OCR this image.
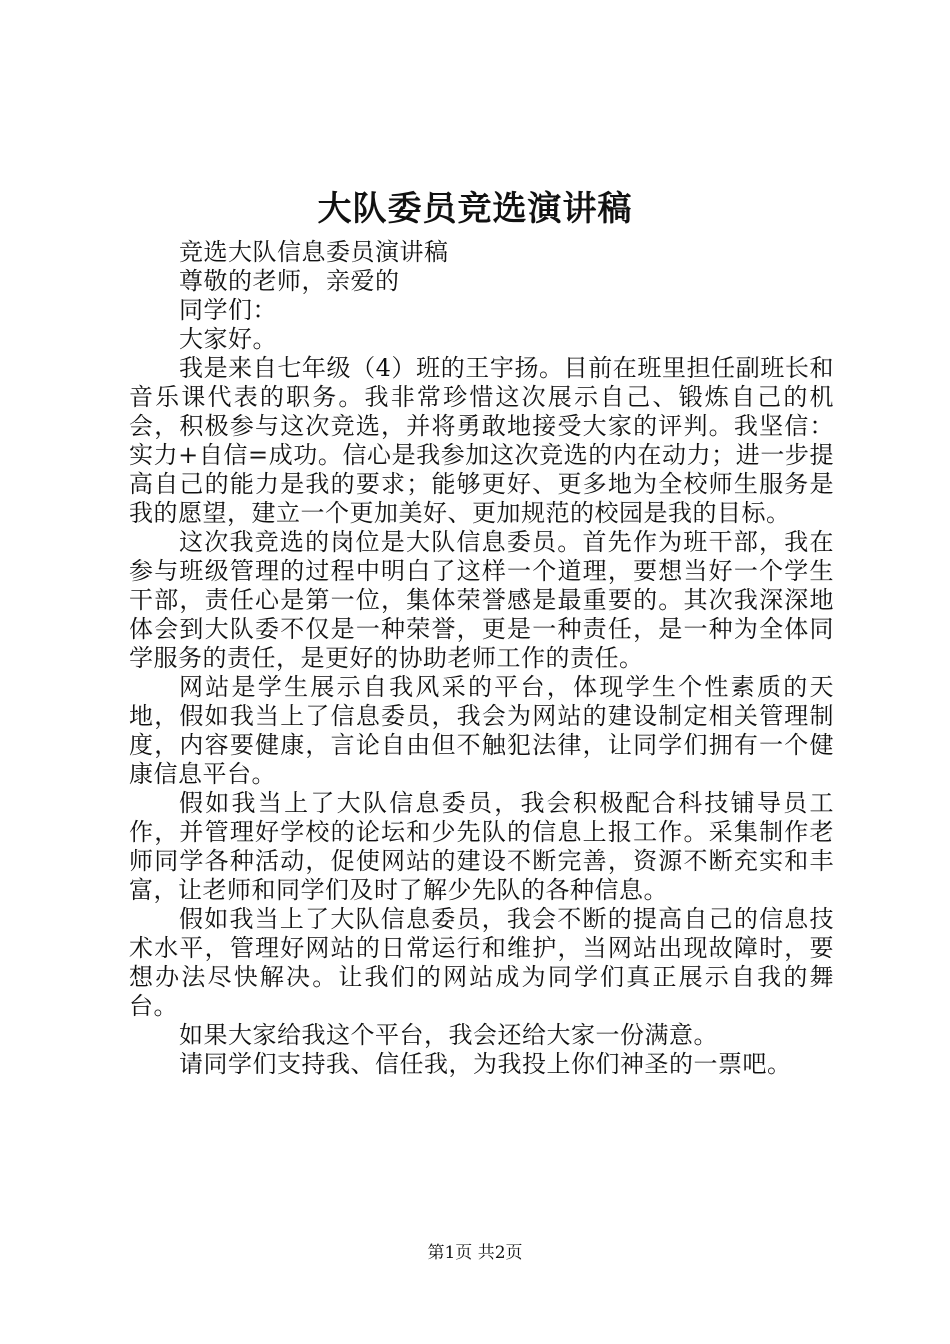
大队委员竞选演讲稿

竞选大队信息委员演讲稿

尊敬的老师，亲爱的

同学们：

大家好。

我是来自七年级（4）班的王宇扬。目前在班里担任副班长和音乐课代表的职务。我非常珍惜这次展示自己、锻炼自己的机会，积极参与这次竞选，并将勇敢地接受大家的评判。我坚信：实力+自信=成功。信心是我参加这次竞选的内在动力；进一步提高自己的能力是我的要求；能够更好、更多地为全校师生服务是我的愿望，建立一个更加美好、更加规范的校园是我的目标。

这次我竞选的岗位是大队信息委员。首先作为班干部，我在参与班级管理的过程中明白了这样一个道理，要想当好一个学生干部，责任心是第一位，集体荣誉感是最重要的。其次我深深地体会到大队委不仅是一种荣誉，更是一种责任，是一种为全体同学服务的责任，是更好的协助老师工作的责任。

网站是学生展示自我风采的平台，体现学生个性素质的天地，假如我当上了信息委员，我会为网站的建设制定相关管理制度，内容要健康，言论自由但不触犯法律，让同学们拥有一个健康信息平台。

假如我当上了大队信息委员，我会积极配合科技铺导员工作，并管理好学校的论坛和少先队的信息上报工作。采集制作老师同学各种活动，促使网站的建设不断完善，资源不断充实和丰富，让老师和同学们及时了解少先队的各种信息。

假如我当上了大队信息委员，我会不断的提高自己的信息技术水平，管理好网站的日常运行和维护，当网站出现故障时，要想办法尽快解决。让我们的网站成为同学们真正展示自我的舞台。

如果大家给我这个平台，我会还给大家一份满意。

请同学们支持我、信任我，为我投上你们神圣的一票吧。

第1页 共2页
